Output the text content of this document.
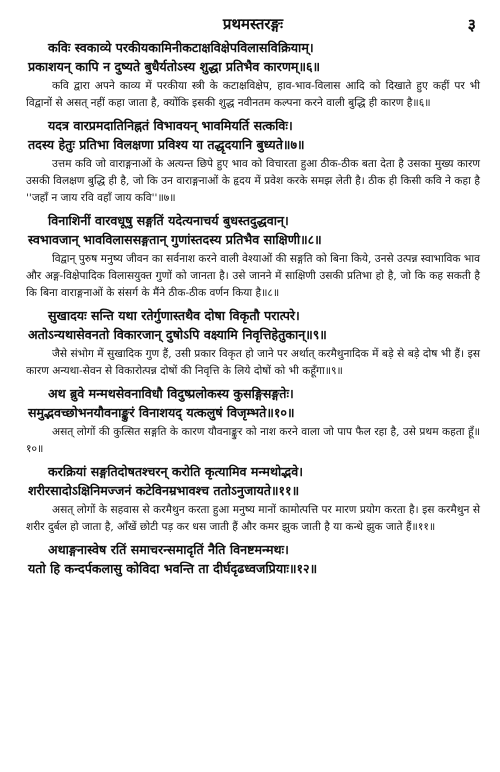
प्रथमस्तरङ्गः	३
कविः स्वकाव्ये परकीयकामिनीकटाक्षविक्षेपविलासविक्रियाम्।
प्रकाशयन् कापि न दुष्यते बुधैर्यतोऽस्य शुद्धा प्रतिभैव कारणम्॥६॥

कवि द्वारा अपने काव्य में परकीया स्त्री के कटाक्षविक्षेप, हाव-भाव-विलास आदि को दिखाते हुए कहीं पर भी विद्वानों से असत् नहीं कहा जाता है, क्योंकि इसकी शुद्ध नवीनतम कल्पना करने वाली बुद्धि ही कारण है॥६॥

यदत्र वारप्रमदातिनिह्नतं विभावयन् भावमियर्ति सत्कविः।
तदस्य हेतुः प्रतिभा विलक्षणा प्रविश्य या तद्धृदयानि बुध्यते॥७॥

उत्तम कवि जो वाराङ्गनाओं के अत्यन्त छिपे हुए भाव को विचारता हुआ ठीक-ठीक बता देता है उसका मुख्य कारण उसकी विलक्षण बुद्धि ही है, जो कि उन वाराङ्गनाओं के हृदय में प्रवेश करके समझ लेती है। ठीक ही किसी कवि ने कहा है ''जहाँ न जाय रवि वहाँ जाय कवि''॥७॥

विनाशिनीं वारवधूषु सङ्गतिं यदेत्यनाचर्य बुधस्तदुद्धवान्।
स्वभावजान् भावविलाससङ्गतान् गुणांस्तदस्य प्रतिभैव साक्षिणी॥८॥

विद्वान् पुरुष मनुष्य जीवन का सर्वनाश करने वाली वेश्याओं की सङ्गति को बिना किये, उनसे उत्पन्न स्वाभाविक भाव और अङ्ग-विक्षेपादिक विलासयुक्त गुणों को जानता है। उसे जानने में साक्षिणी उसकी प्रतिभा हो है, जो कि कह सकती है कि बिना वाराङ्गनाओं के संसर्ग के मैंने ठीक-ठीक वर्णन किया है॥८॥

सुखादयः सन्ति यथा रतेर्गुणास्तथैव दोषा विकृतौ परात्परे।
अतोऽन्यथासेवनतो विकारजान् दुषोऽपि वक्ष्यामि निवृत्तिहेतुकान्॥९॥

जैसे संभोग में सुखादिक गुण हैं, उसी प्रकार विकृत हो जाने पर अर्थात् करमैथुनादिक में बड़े से बड़े दोष भी हैं। इस कारण अन्यथा-सेवन से विकारोत्पन्न दोषों की निवृत्ति के लिये दोषों को भी कहूँगा॥९॥

अथ ब्रुवे मन्मथसेवनाविधौ विदुष्प्रलोकस्य कुसङ्गिसङ्गतेः।
समुद्भवच्छोभनयौवनाङ्कुरं विनाशयद् यत्कलुषं विजृम्भते॥१०॥

असत् लोगों की कुत्सित सङ्गति के कारण यौवनाङ्कुर को नाश करने वाला जो पाप फैल रहा है, उसे प्रथम कहता हूँ॥१०॥

करक्रियां सङ्गतिदोषतश्चरन् करोति कृत्यामिव मन्मथोद्भवे।
शरीरसादोऽक्षिनिमज्जनं कटेविनम्रभावश्च ततोऽनुजायते॥११॥

असत् लोगों के सहवास से करमैथुन करता हुआ मनुष्य मानों कामोत्पत्ति पर मारण प्रयोग करता है। इस करमैथुन से शरीर दुर्बल हो जाता है, आँखें छोटी पड़ कर धस जाती हैं और कमर झुक जाती है या कन्धे झुक जाते हैं॥११॥

अथाङ्गनास्वेष रतिं समाचरन्समादृतिं नैति विनष्टमन्मथः।
यतो हि कन्दर्पकलासु कोविदा भवन्ति ता दीर्घदृढध्वजप्रियाः॥१२॥
